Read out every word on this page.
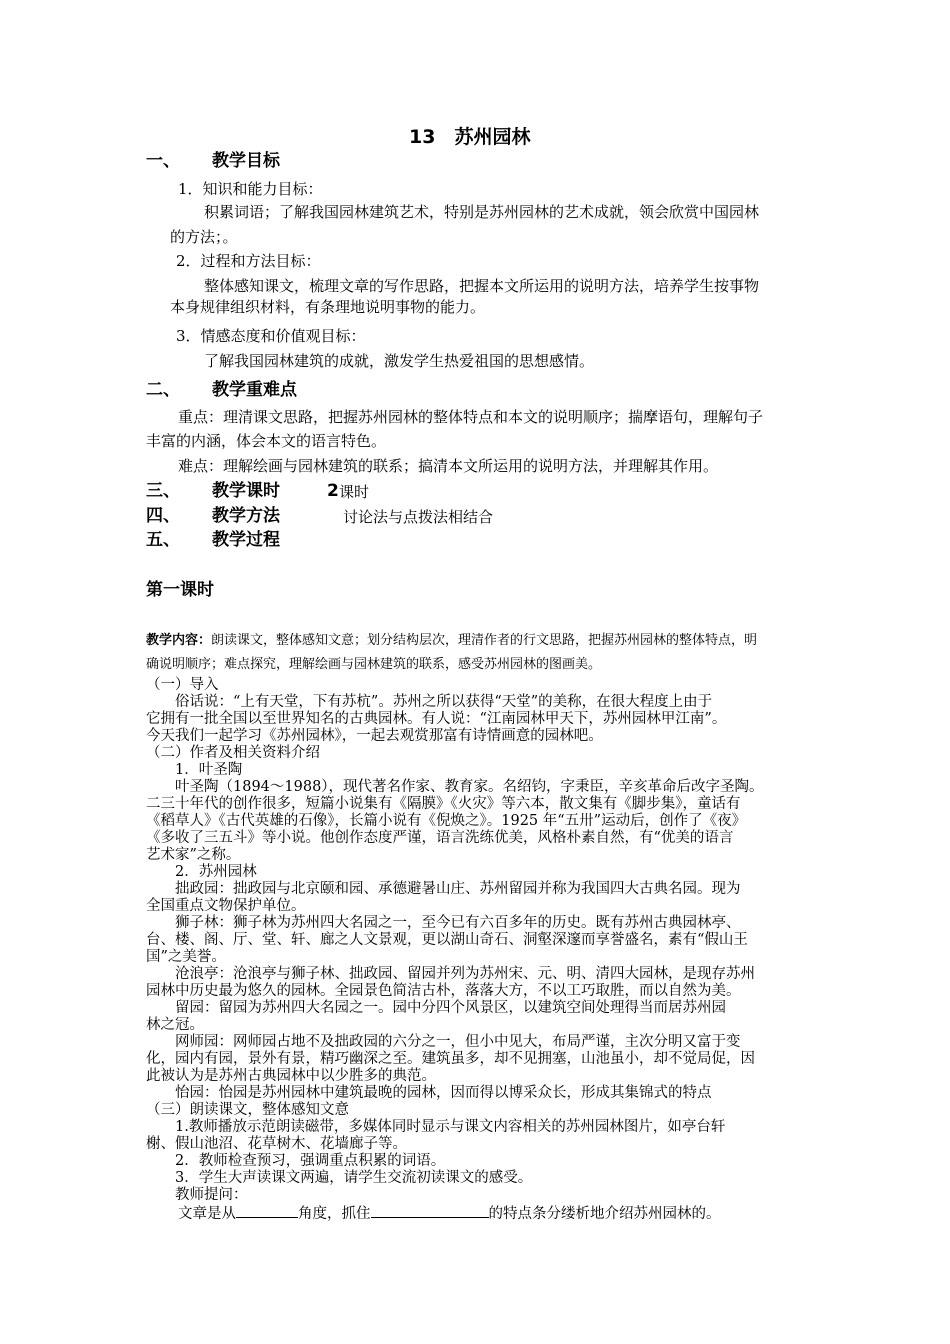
13　苏州园林
一、 教学目标
1．知识和能力目标：
积累词语；了解我国园林建筑艺术，特别是苏州园林的艺术成就，领会欣赏中国园林
的方法；。
2．过程和方法目标：
整体感知课文，梳理文章的写作思路，把握本文所运用的说明方法，培养学生按事物
本身规律组织材料，有条理地说明事物的能力。
3．情感态度和价值观目标：
了解我国园林建筑的成就，激发学生热爱祖国的思想感情。
二、 教学重难点
重点：理清课文思路，把握苏州园林的整体特点和本文的说明顺序；揣摩语句，理解句子
丰富的内涵，体会本文的语言特色。
难点：理解绘画与园林建筑的联系；搞清本文所运用的说明方法，并理解其作用。
三、 教学课时	2 课时
四、 教学方法	讨论法与点拨法相结合
五、 教学过程
第一课时
教学内容：朗读课文，整体感知文意；划分结构层次，理清作者的行文思路，把握苏州园林的整体特点，明
确说明顺序；难点探究，理解绘画与园林建筑的联系，感受苏州园林的图画美。
（一）导入
　　俗话说：“上有天堂，下有苏杭”。苏州之所以获得“天堂”的美称，在很大程度上由于
它拥有一批全国以至世界知名的古典园林。有人说：“江南园林甲天下，苏州园林甲江南”。
今天我们一起学习《苏州园林》，一起去观赏那富有诗情画意的园林吧。
（二）作者及相关资料介绍
　　1．叶圣陶
　　叶圣陶（1894～1988），现代著名作家、教育家。名绍钧，字秉臣，辛亥革命后改字圣陶。
二三十年代的创作很多，短篇小说集有《隔膜》《火灾》等六本，散文集有《脚步集》，童话有
《稻草人》《古代英雄的石像》，长篇小说有《倪焕之》。1925 年“五卅”运动后，创作了《夜》
《多收了三五斗》等小说。他创作态度严谨，语言洗练优美，风格朴素自然，有“优美的语言
艺术家”之称。
　　2．苏州园林
　　拙政园：拙政园与北京颐和园、承德避暑山庄、苏州留园并称为我国四大古典名园。现为
全国重点文物保护单位。
　　狮子林：狮子林为苏州四大名园之一，至今已有六百多年的历史。既有苏州古典园林亭、
台、楼、阁、厅、堂、轩、廊之人文景观，更以湖山奇石、洞壑深邃而享誉盛名，素有“假山王
国”之美誉。
　　沧浪亭：沧浪亭与狮子林、拙政园、留园并列为苏州宋、元、明、清四大园林，是现存苏州
园林中历史最为悠久的园林。全园景色简洁古朴，落落大方，不以工巧取胜，而以自然为美。
　　留园：留园为苏州四大名园之一。园中分四个风景区，以建筑空间处理得当而居苏州园
林之冠。
　　网师园：网师园占地不及拙政园的六分之一，但小中见大，布局严谨，主次分明又富于变
化，园内有园，景外有景，精巧幽深之至。建筑虽多，却不见拥塞，山池虽小，却不觉局促，因
此被认为是苏州古典园林中以少胜多的典范。
　　怡园：怡园是苏州园林中建筑最晚的园林，因而得以博采众长，形成其集锦式的特点
（三）朗读课文，整体感知文意
　　1.教师播放示范朗读磁带，多媒体同时显示与课文内容相关的苏州园林图片，如亭台轩
榭、假山池沼、花草树木、花墙廊子等。
　　2．教师检查预习，强调重点积累的词语。
　　3．学生大声读课文两遍，请学生交流初读课文的感受。
　　教师提问：
文章是从	角度，抓住	的特点条分缕析地介绍苏州园林的。
